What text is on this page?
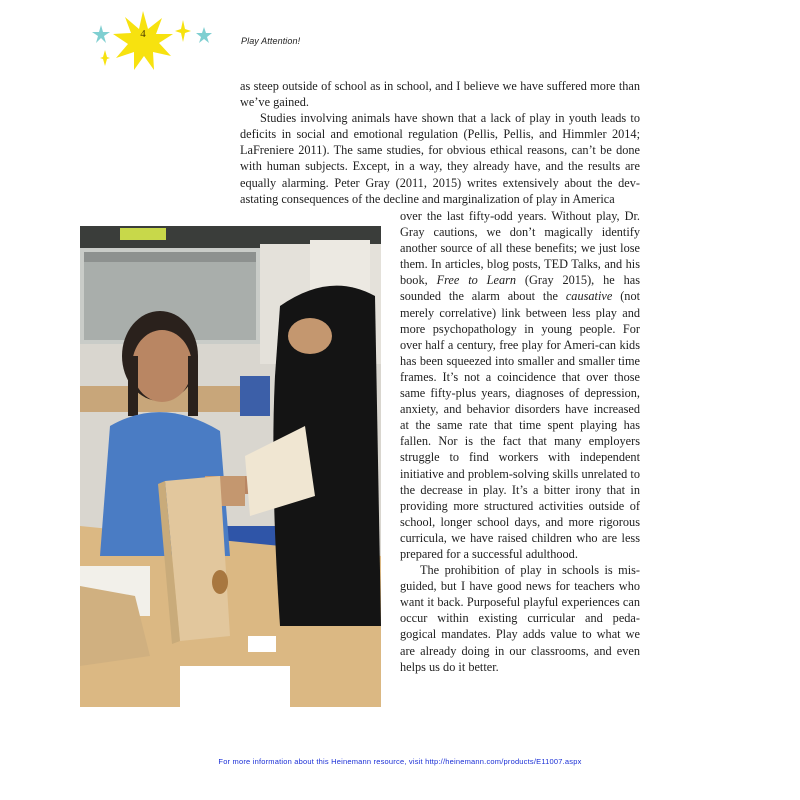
4
Play Attention!

as steep outside of school as in school, and I believe we have suffered more than we’ve gained.

Studies involving animals have shown that a lack of play in youth leads to deficits in social and emotional regulation (Pellis, Pellis, and Himmler 2014; LaFreniere 2011). The same studies, for obvious ethical reasons, can’t be done with human subjects. Except, in a way, they already have, and the results are equally alarming. Peter Gray (2011, 2015) writes extensively about the dev-astating consequences of the decline and marginalization of play in America

over the last fifty-odd years. Without play, Dr. Gray cautions, we don’t magically identify another source of all these benefits; we just lose them. In articles, blog posts, TED Talks, and his book, Free to Learn (Gray 2015), he has sounded the alarm about the causative (not merely correlative) link between less play and more psychopathology in young people. For over half a century, free play for Ameri-can kids has been squeezed into smaller and smaller time frames. It’s not a coincidence that over those same fifty-plus years, diagnoses of depression, anxiety, and behavior disorders have increased at the same rate that time spent playing has fallen. Nor is the fact that many employers struggle to find workers with independent initiative and problem-solving skills unrelated to the decrease in play. It’s a bitter irony that in providing more structured activities outside of school, longer school days, and more rigorous curricula, we have raised children who are less prepared for a successful adulthood.

The prohibition of play in schools is mis-guided, but I have good news for teachers who want it back. Purposeful playful experiences can occur within existing curricular and peda-gogical mandates. Play adds value to what we are already doing in our classrooms, and even helps us do it better.

For more information about this Heinemann resource, visit http://heinemann.com/products/E11007.aspx
